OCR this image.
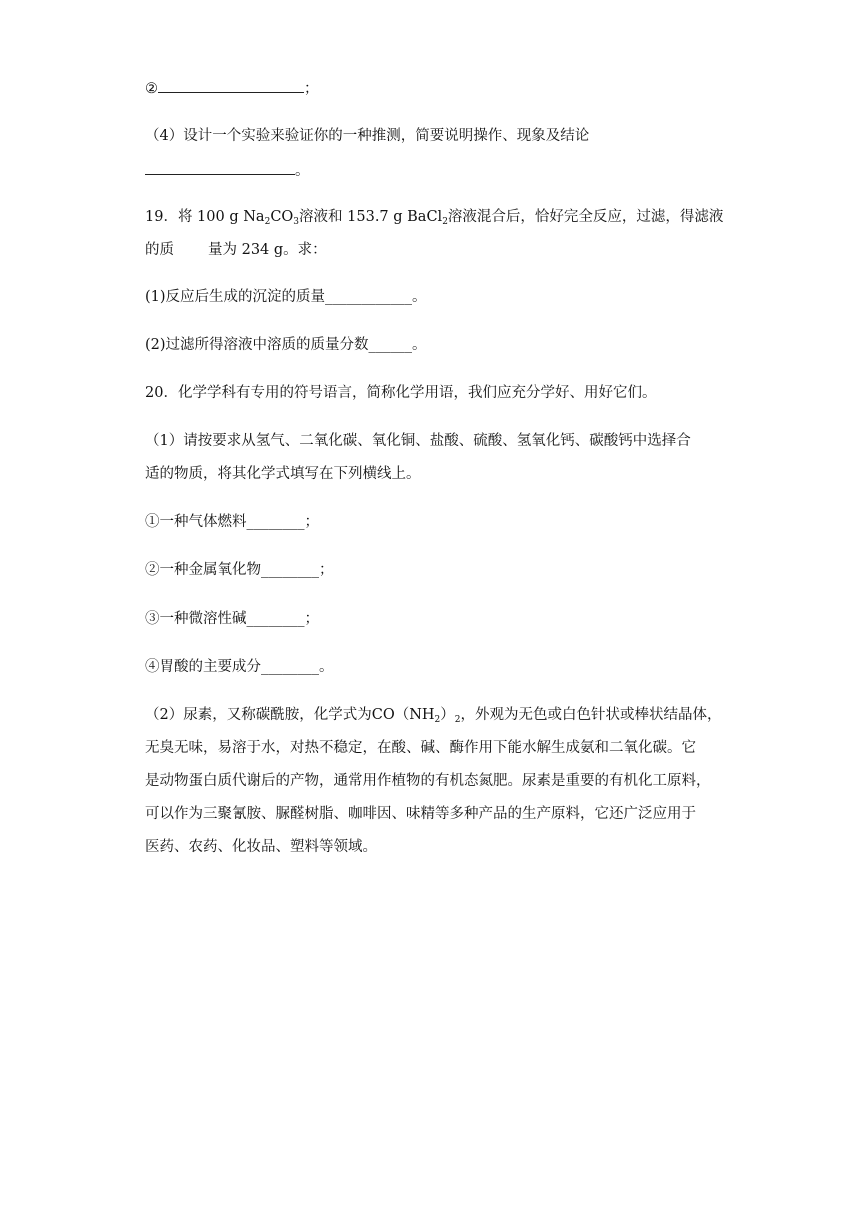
②	；
（4）设计一个实验来验证你的一种推测，简要说明操作、现象及结论
。
19．将 100 g $Na_2CO_3$溶液和 153.7 g BaCl$_2$溶液混合后，恰好完全反应，过滤，得滤液
的质 量为 234 g。求：
(1)反应后生成的沉淀的质量____________。
(2)过滤所得溶液中溶质的质量分数______。
20．化学学科有专用的符号语言，简称化学用语，我们应充分学好、用好它们。
（1）请按要求从氢气、二氧化碳、氧化铜、盐酸、硫酸、氢氧化钙、碳酸钙中选择合
适的物质，将其化学式填写在下列横线上。
①一种气体燃料________；
②一种金属氧化物________；
③一种微溶性碱________；
④胃酸的主要成分________。
（2）尿素，又称碳酰胺，化学式为$CO(NH_2)_2$，外观为无色或白色针状或棒状结晶体，
无臭无味，易溶于水，对热不稳定，在酸、碱、酶作用下能水解生成氨和二氧化碳。它
是动物蛋白质代谢后的产物，通常用作植物的有机态氮肥。尿素是重要的有机化工原料，
可以作为三聚氰胺、脲醛树脂、咖啡因、味精等多种产品的生产原料，它还广泛应用于
医药、农药、化妆品、塑料等领域。
